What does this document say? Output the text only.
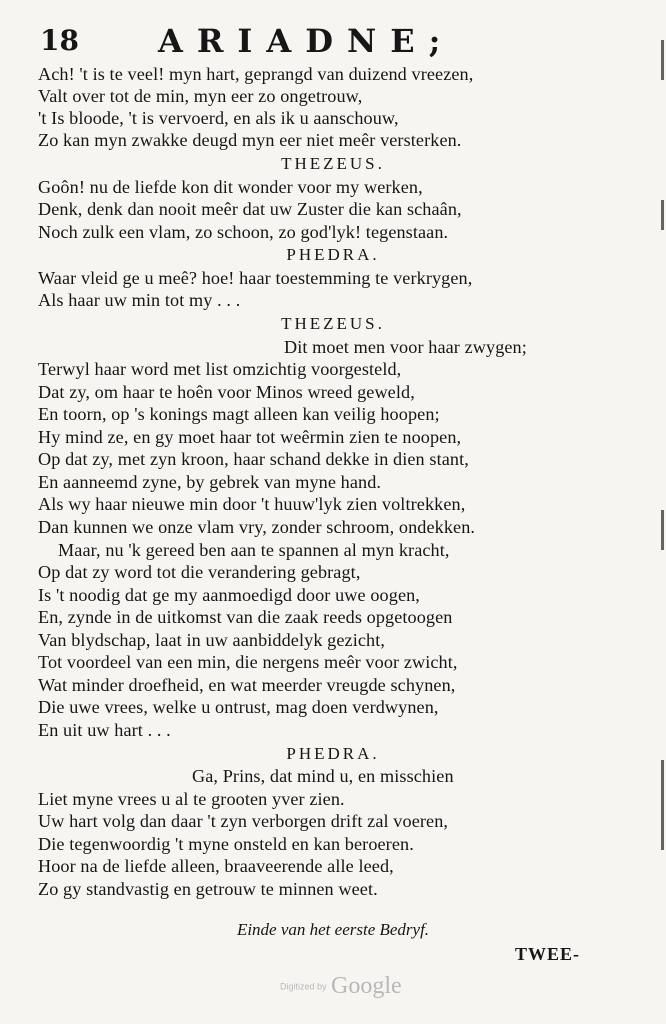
18 ARIADNE;
Ach! 't is te veel! myn hart, geprangd van duizend vreezen,
Valt over tot de min, myn eer zo ongetrouw,
't Is bloode, 't is vervoerd, en als ik u aanschouw,
Zo kan myn zwakke deugd myn eer niet meêr versterken.
THEZEUS.
Goôn! nu de liefde kon dit wonder voor my werken,
Denk, denk dan nooit meêr dat uw Zuster die kan schaân,
Noch zulk een vlam, zo schoon, zo god'lyk! tegenstaan.
PHEDRA.
Waar vleid ge u meê? hoe! haar toestemming te verkrygen,
Als haar uw min tot my . . .
THEZEUS.
Dit moet men voor haar zwygen;
Terwyl haar word met list omzichtig voorgesteld,
Dat zy, om haar te hoên voor Minos wreed geweld,
En toorn, op 's konings magt alleen kan veilig hoopen;
Hy mind ze, en gy moet haar tot weêrmin zien te noopen,
Op dat zy, met zyn kroon, haar schand dekke in dien stant,
En aanneemd zyne, by gebrek van myne hand.
Als wy haar nieuwe min door 't huuw'lyk zien voltrekken,
Dan kunnen we onze vlam vry, zonder schroom, ondekken.
Maar, nu 'k gereed ben aan te spannen al myn kracht,
Op dat zy word tot die verandering gebragt,
Is 't noodig dat ge my aanmoedigd door uwe oogen,
En, zynde in de uitkomst van die zaak reeds opgetoogen
Van blydschap, laat in uw aanbiddelyk gezicht,
Tot voordeel van een min, die nergens meêr voor zwicht,
Wat minder droefheid, en wat meerder vreugde schynen,
Die uwe vrees, welke u ontrust, mag doen verdwynen,
En uit uw hart . . .
PHEDRA.
Ga, Prins, dat mind u, en misschien
Liet myne vrees u al te grooten yver zien.
Uw hart volg dan daar 't zyn verborgen drift zal voeren,
Die tegenwoordig 't myne onsteld en kan beroeren.
Hoor na de liefde alleen, braaveerende alle leed,
Zo gy standvastig en getrouw te minnen weet.
Einde van het eerste Bedryf.
TWEE-
Digitized by Google
